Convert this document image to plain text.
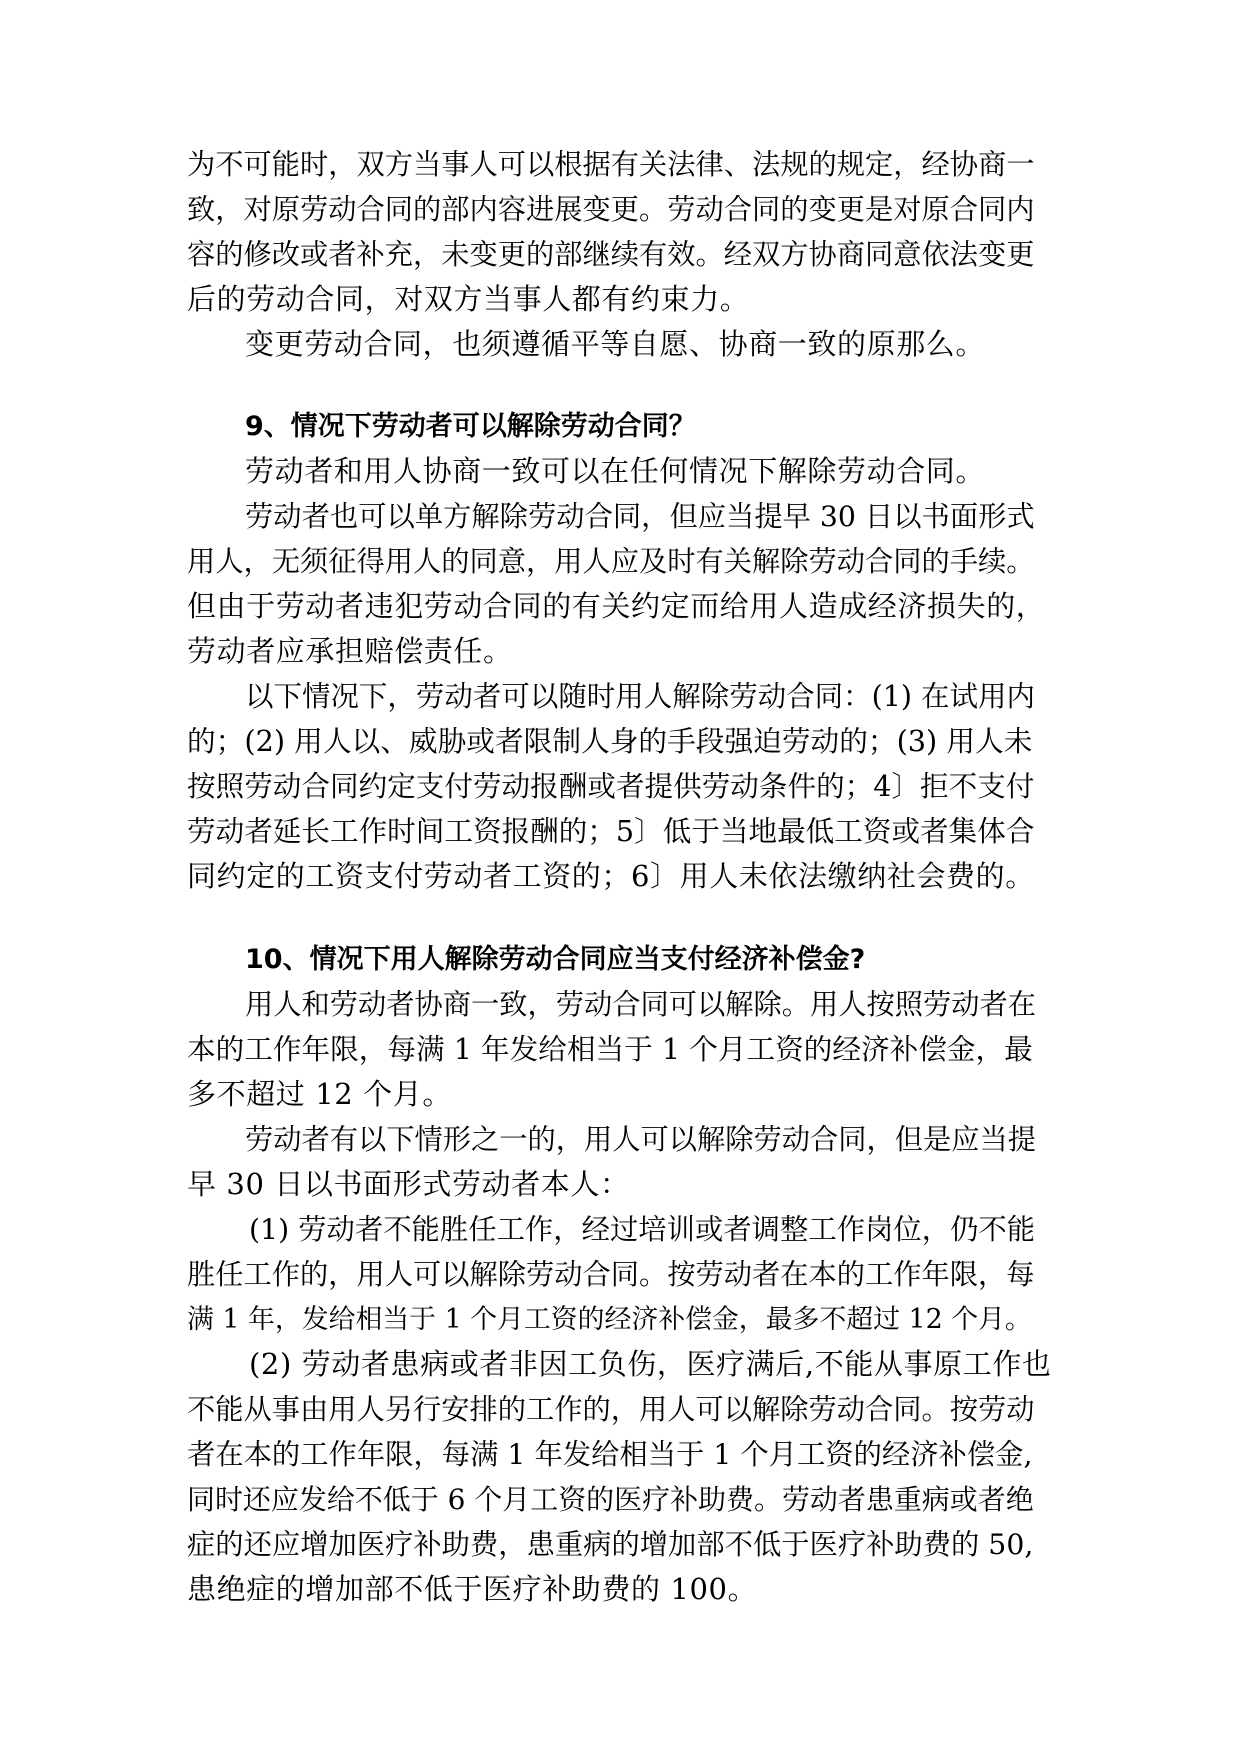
为不可能时，双方当事人可以根据有关法律、法规的规定，经协商一
致，对原劳动合同的部内容进展变更。劳动合同的变更是对原合同内
容的修改或者补充，未变更的部继续有效。经双方协商同意依法变更
后的劳动合同，对双方当事人都有约束力。
变更劳动合同，也须遵循平等自愿、协商一致的原那么。
9、情况下劳动者可以解除劳动合同？
劳动者和用人协商一致可以在任何情况下解除劳动合同。
劳动者也可以单方解除劳动合同，但应当提早 30 日以书面形式
用人，无须征得用人的同意，用人应及时有关解除劳动合同的手续。
但由于劳动者违犯劳动合同的有关约定而给用人造成经济损失的，
劳动者应承担赔偿责任。
以下情况下，劳动者可以随时用人解除劳动合同：(1) 在试用内
的；(2) 用人以、威胁或者限制人身的手段强迫劳动的；(3) 用人未
按照劳动合同约定支付劳动报酬或者提供劳动条件的；4〕拒不支付
劳动者延长工作时间工资报酬的；5〕低于当地最低工资或者集体合
同约定的工资支付劳动者工资的；6〕用人未依法缴纳社会费的。
10、情况下用人解除劳动合同应当支付经济补偿金?
用人和劳动者协商一致，劳动合同可以解除。用人按照劳动者在
本的工作年限，每满 1 年发给相当于 1 个月工资的经济补偿金，最
多不超过 12 个月。
劳动者有以下情形之一的，用人可以解除劳动合同，但是应当提
早 30 日以书面形式劳动者本人：
(1) 劳动者不能胜任工作，经过培训或者调整工作岗位，仍不能
胜任工作的，用人可以解除劳动合同。按劳动者在本的工作年限，每
满 1 年，发给相当于 1 个月工资的经济补偿金，最多不超过 12 个月。
(2) 劳动者患病或者非因工负伤，医疗满后,不能从事原工作也
不能从事由用人另行安排的工作的，用人可以解除劳动合同。按劳动
者在本的工作年限，每满 1 年发给相当于 1 个月工资的经济补偿金,
同时还应发给不低于 6 个月工资的医疗补助费。劳动者患重病或者绝
症的还应增加医疗补助费，患重病的增加部不低于医疗补助费的 50,
患绝症的增加部不低于医疗补助费的 100。
